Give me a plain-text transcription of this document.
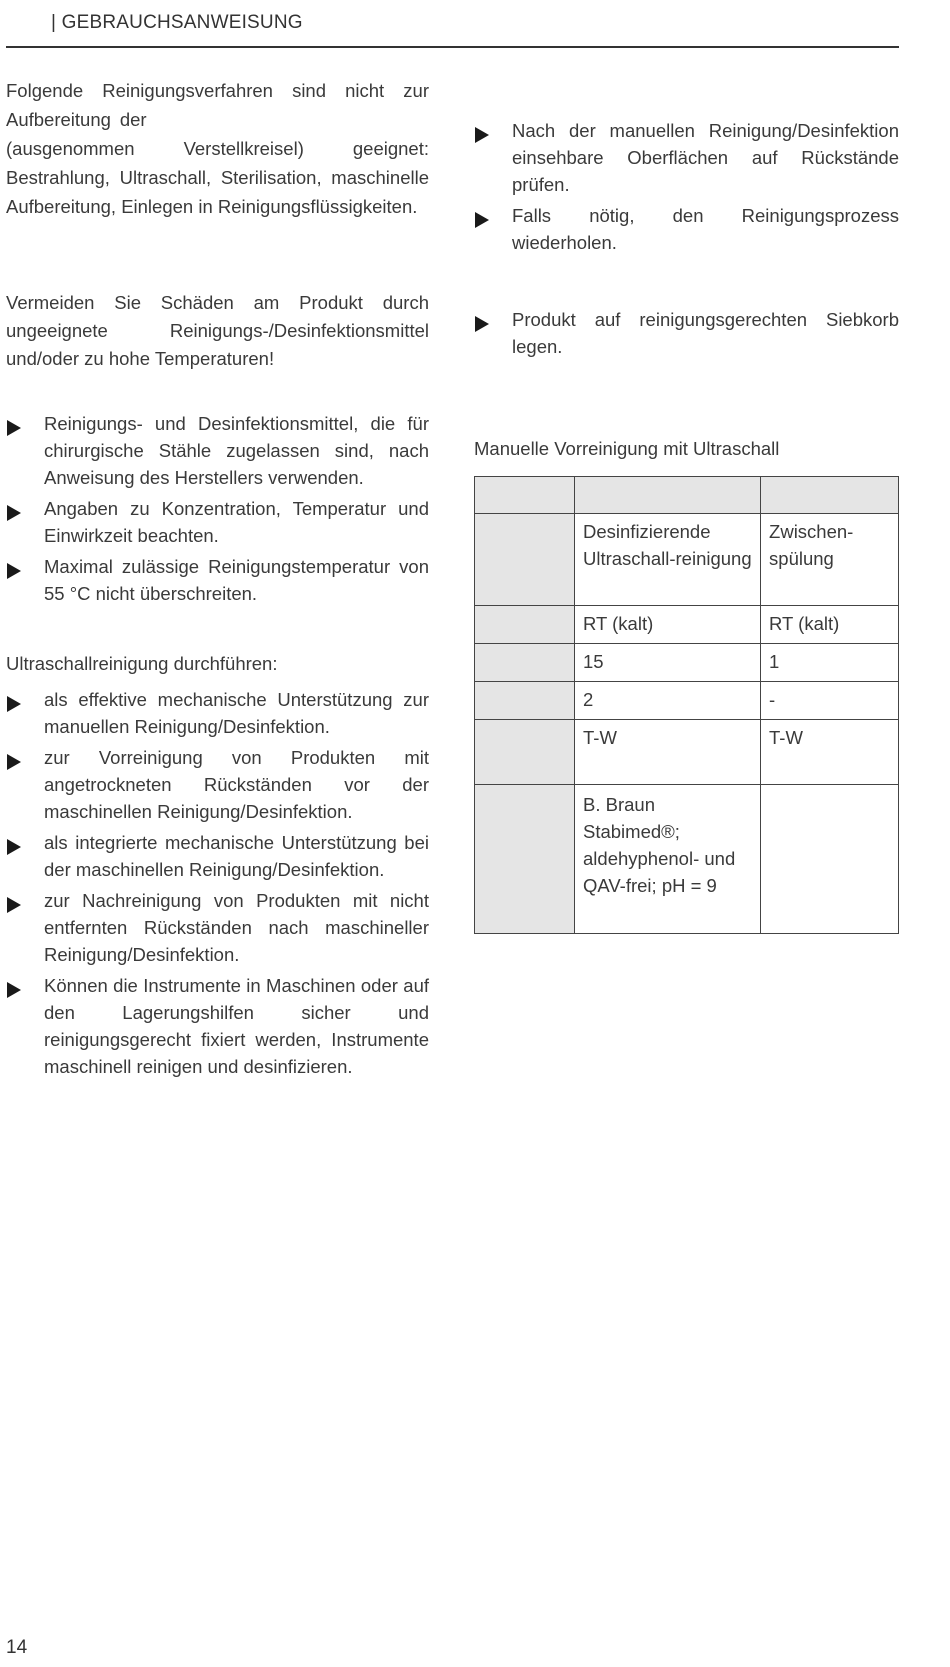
| GEBRAUCHSANWEISUNG

Folgende Reinigungsverfahren sind nicht zur Aufbereitung der                                 (ausgenommen Verstellkreisel) geeignet: Bestrahlung, Ultraschall, Sterilisation, maschinelle Aufbereitung, Einlegen in Reinigungsflüssigkeiten.

Vermeiden Sie Schäden am Produkt durch ungeeignete Reinigungs-/Desinfektionsmittel und/oder zu hohe Temperaturen!

Reinigungs- und Desinfektionsmittel, die für chirurgische Stähle zugelassen sind, nach Anweisung des Herstellers verwenden.
Angaben zu Konzentration, Temperatur und Einwirkzeit beachten.
Maximal zulässige Reinigungstemperatur von 55 °C nicht überschreiten.

Ultraschallreinigung durchführen:

als effektive mechanische Unterstützung zur manuellen Reinigung/Desinfektion.
zur Vorreinigung von Produkten mit angetrockneten Rückständen vor der maschinellen Reinigung/Desinfektion.
als integrierte mechanische Unterstützung bei der maschinellen Reinigung/Desinfektion.
zur Nachreinigung von Produkten mit nicht entfernten Rückständen nach maschineller Reinigung/Desinfektion.
Können die Instrumente in Maschinen oder auf den Lagerungshilfen sicher und reinigungsgerecht fixiert werden, Instrumente maschinell reinigen und desinfizieren.
Nach der manuellen Reinigung/Desinfektion einsehbare Oberflächen auf Rückstände prüfen.
Falls nötig, den Reinigungsprozess wiederholen.
Produkt auf reinigungsgerechten Siebkorb legen.
Manuelle Vorreinigung mit Ultraschall

	Desinfizierende Ultraschall-reinigung	Zwischen-spülung
	RT (kalt)	RT (kalt)
	15	1
	2	-
	T-W	T-W
	B. Braun Stabimed®; aldehyphenol- und QAV-frei; pH = 9	
14
